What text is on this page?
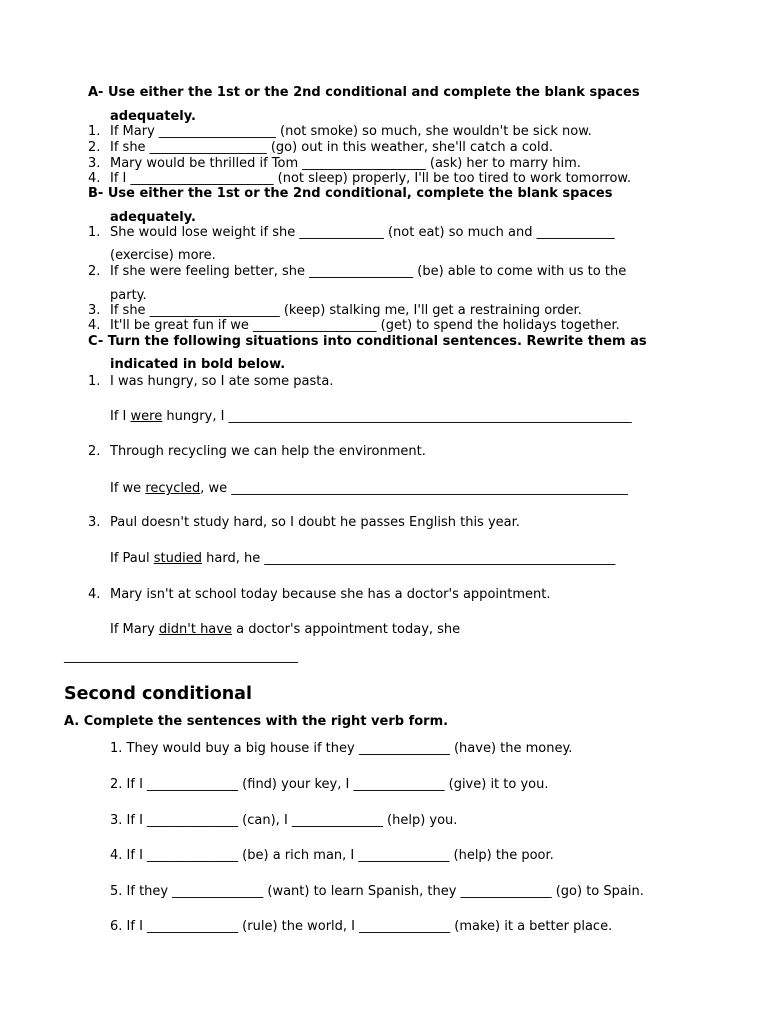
A- Use either the 1st or the 2nd conditional and complete the blank spaces
adequately.
1. If Mary __________________ (not smoke) so much, she wouldn't be sick now.
2. If she __________________ (go) out in this weather, she'll catch a cold.
3. Mary would be thrilled if Tom ___________________ (ask) her to marry him.
4. If I ______________________ (not sleep) properly, I'll be too tired to work tomorrow.
B- Use either the 1st or the 2nd conditional, complete the blank spaces
adequately.
1. She would lose weight if she _____________ (not eat) so much and ____________
(exercise) more.
2. If she were feeling better, she ________________ (be) able to come with us to the
party.
3. If she ____________________ (keep) stalking me, I'll get a restraining order.
4. It'll be great fun if we ___________________ (get) to spend the holidays together.
C- Turn the following situations into conditional sentences. Rewrite them as
indicated in bold below.
1. I was hungry, so I ate some pasta.
If I were hungry, I ______________________________________________________________
2. Through recycling we can help the environment.
If we recycled, we _____________________________________________________________
3. Paul doesn't study hard, so I doubt he passes English this year.
If Paul studied hard, he ______________________________________________________
4. Mary isn't at school today because she has a doctor's appointment.
If Mary didn't have a doctor's appointment today, she
____________________________________
Second conditional
A. Complete the sentences with the right verb form.
1. They would buy a big house if they ______________ (have) the money.
2. If I ______________ (find) your key, I ______________ (give) it to you.
3. If I ______________ (can), I ______________ (help) you.
4. If I ______________ (be) a rich man, I ______________ (help) the poor.
5. If they ______________ (want) to learn Spanish, they ______________ (go) to Spain.
6. If I ______________ (rule) the world, I ______________ (make) it a better place.
